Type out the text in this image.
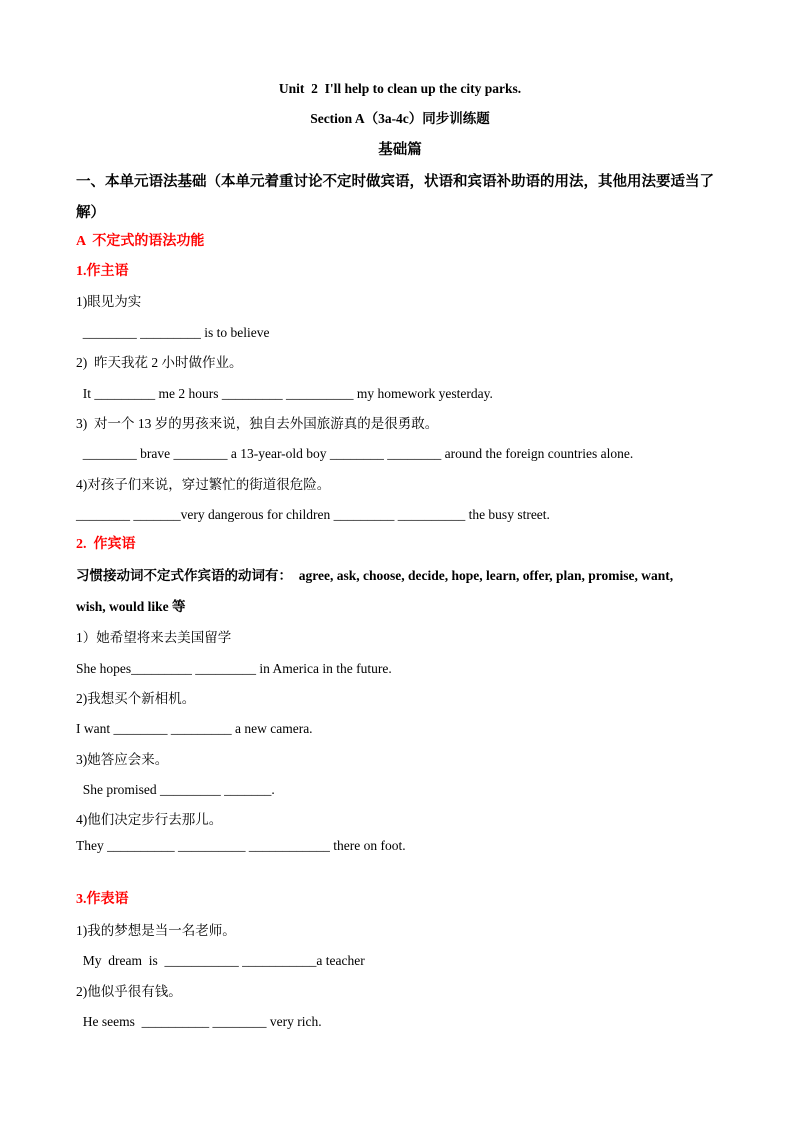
Unit  2  I'll help to clean up the city parks.
Section A（3a-4c）同步训练题
基础篇
一、本单元语法基础（本单元着重讨论不定时做宾语，状语和宾语补助语的用法，其他用法要适当了
解）
A  不定式的语法功能
1.作主语
1)眼见为实
________ _________ is to believe
2)  昨天我花 2 小时做作业。
It _________ me 2 hours _________ __________ my homework yesterday.
3)  对一个 13 岁的男孩来说，独自去外国旅游真的是很勇敢。
________ brave ________ a 13-year-old boy ________ ________ around the foreign countries alone.
4)对孩子们来说，穿过繁忙的街道很危险。
________ _______very dangerous for children _________ __________ the busy street.
2.  作宾语
习惯接动词不定式作宾语的动词有：  agree, ask, choose, decide, hope, learn, offer, plan, promise, want,
wish, would like 等
1）她希望将来去美国留学
She hopes_________ _________ in America in the future.
2)我想买个新相机。
I want ________ _________ a new camera.
3)她答应会来。
She promised _________ _______.
4)他们决定步行去那儿。
They __________ __________ ____________ there on foot.
3.作表语
1)我的梦想是当一名老师。
My  dream  is  ___________ ___________a teacher
2)他似乎很有钱。
He seems  __________ ________ very rich.
